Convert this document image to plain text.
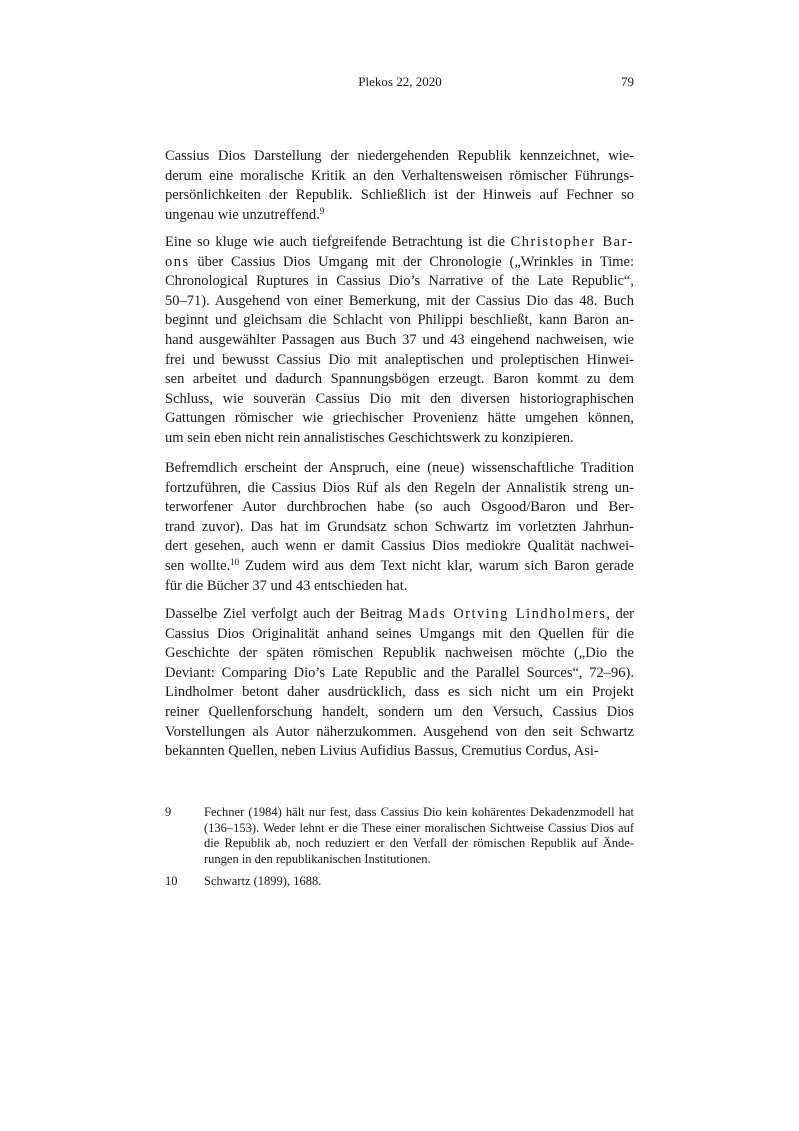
Plekos 22, 2020	79
Cassius Dios Darstellung der niedergehenden Republik kennzeichnet, wie-
derum eine moralische Kritik an den Verhaltensweisen römischer Führungs-
persönlichkeiten der Republik. Schließlich ist der Hinweis auf Fechner so
ungenau wie unzutreffend.$^9$
Eine so kluge wie auch tiefgreifende Betrachtung ist die Christopher Bar-
ons über Cassius Dios Umgang mit der Chronologie („Wrinkles in Time:
Chronological Ruptures in Cassius Dio’s Narrative of the Late Republic“,
50–71). Ausgehend von einer Bemerkung, mit der Cassius Dio das 48. Buch
beginnt und gleichsam die Schlacht von Philippi beschließt, kann Baron an-
hand ausgewählter Passagen aus Buch 37 und 43 eingehend nachweisen, wie
frei und bewusst Cassius Dio mit analeptischen und proleptischen Hinwei-
sen arbeitet und dadurch Spannungsbögen erzeugt. Baron kommt zu dem
Schluss, wie souverän Cassius Dio mit den diversen historiographischen
Gattungen römischer wie griechischer Provenienz hätte umgehen können,
um sein eben nicht rein annalistisches Geschichtswerk zu konzipieren.
Befremdlich erscheint der Anspruch, eine (neue) wissenschaftliche Tradition
fortzuführen, die Cassius Dios Ruf als den Regeln der Annalistik streng un-
terworfener Autor durchbrochen habe (so auch Osgood/Baron und Ber-
trand zuvor). Das hat im Grundsatz schon Schwartz im vorletzten Jahrhun-
dert gesehen, auch wenn er damit Cassius Dios mediokre Qualität nachwei-
sen wollte.$^{10}$ Zudem wird aus dem Text nicht klar, warum sich Baron gerade
für die Bücher 37 und 43 entschieden hat.
Dasselbe Ziel verfolgt auch der Beitrag Mads Ortving Lindholmers, der
Cassius Dios Originalität anhand seines Umgangs mit den Quellen für die
Geschichte der späten römischen Republik nachweisen möchte („Dio the
Deviant: Comparing Dio’s Late Republic and the Parallel Sources“, 72–96).
Lindholmer betont daher ausdrücklich, dass es sich nicht um ein Projekt
reiner Quellenforschung handelt, sondern um den Versuch, Cassius Dios
Vorstellungen als Autor näherzukommen. Ausgehend von den seit Schwartz
bekannten Quellen, neben Livius Aufidius Bassus, Cremutius Cordus, Asi-
9	Fechner (1984) hält nur fest, dass Cassius Dio kein kohärentes Dekadenzmodell hat
(136–153). Weder lehnt er die These einer moralischen Sichtweise Cassius Dios auf
die Republik ab, noch reduziert er den Verfall der römischen Republik auf Ände-
rungen in den republikanischen Institutionen.
10 Schwartz (1899), 1688.
